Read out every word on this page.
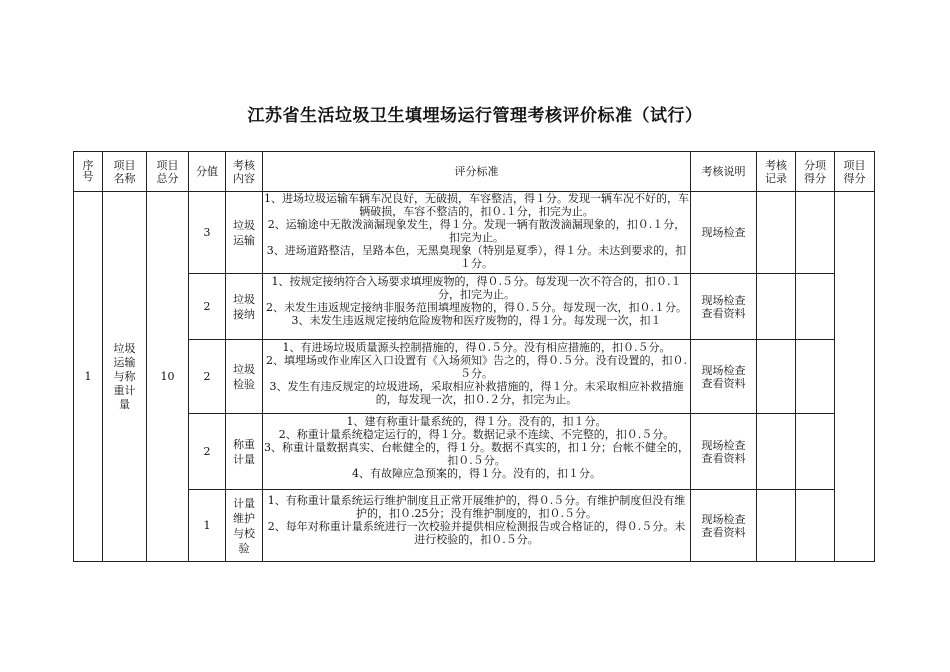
江苏省生活垃圾卫生填埋场运行管理考核评价标准（试行）
序号	项目名称	项目总分	分值	考核内容	评分标准	考核说明	考核记录	分项得分	项目得分
1	垃圾运输与称重计量	10	3	垃圾运输	1、进场垃圾运输车辆车况良好，无破损，车容整洁，得１分。发现一辆车况不好的，车辆破损，车容不整洁的，扣０.１分，扣完为止。

2、运输途中无散泼滴漏现象发生，得１分。发现一辆有散泼滴漏现象的，扣０.１分，扣完为止。

3、进场道路整洁，呈路本色，无黑臭现象（特别是夏季），得１分。未达到要求的，扣１分。	现场检查			
			2	垃圾接纳	1、按规定接纳符合入场要求填埋废物的，得０.５分。每发现一次不符合的，扣０.１分，扣完为止。

2、未发生违返规定接纳非服务范围填埋废物的，得０.５分。每发现一次，扣０.１分。

3、未发生违返规定接纳危险废物和医疗废物的，得１分。每发现一次，扣１	现场检查查看资料			
			2	垃圾检验	1、有进场垃圾质量源头控制措施的，得０.５分。没有相应措施的，扣０.５分。

2、填埋场或作业库区入口设置有《入场须知》告之的，得０.５分。没有设置的，扣０.５分。

3、发生有违反规定的垃圾进场，采取相应补救措施的，得１分。未采取相应补救措施的，每发现一次，扣０.２分，扣完为止。	现场检查查看资料			
			2	称重计量	1、建有称重计量系统的，得１分。没有的，扣１分。

2、称重计量系统稳定运行的，得１分。数据记录不连续、不完整的，扣０.５分。

3、称重计量数据真实、台帐健全的，得１分。数据不真实的，扣１分；台帐不健全的，扣０.５分。

4、有故障应急预案的，得１分。没有的，扣１分。	现场检查查看资料			
			1	计量维护与校验	1、有称重计量系统运行维护制度且正常开展维护的，得０.５分。有维护制度但没有维护的，扣０.25分；没有维护制度的，扣０.５分。

2、每年对称重计量系统进行一次校验并提供相应检测报告或合格证的，得０.５分。未进行校验的，扣０.５分。	现场检查查看资料			
